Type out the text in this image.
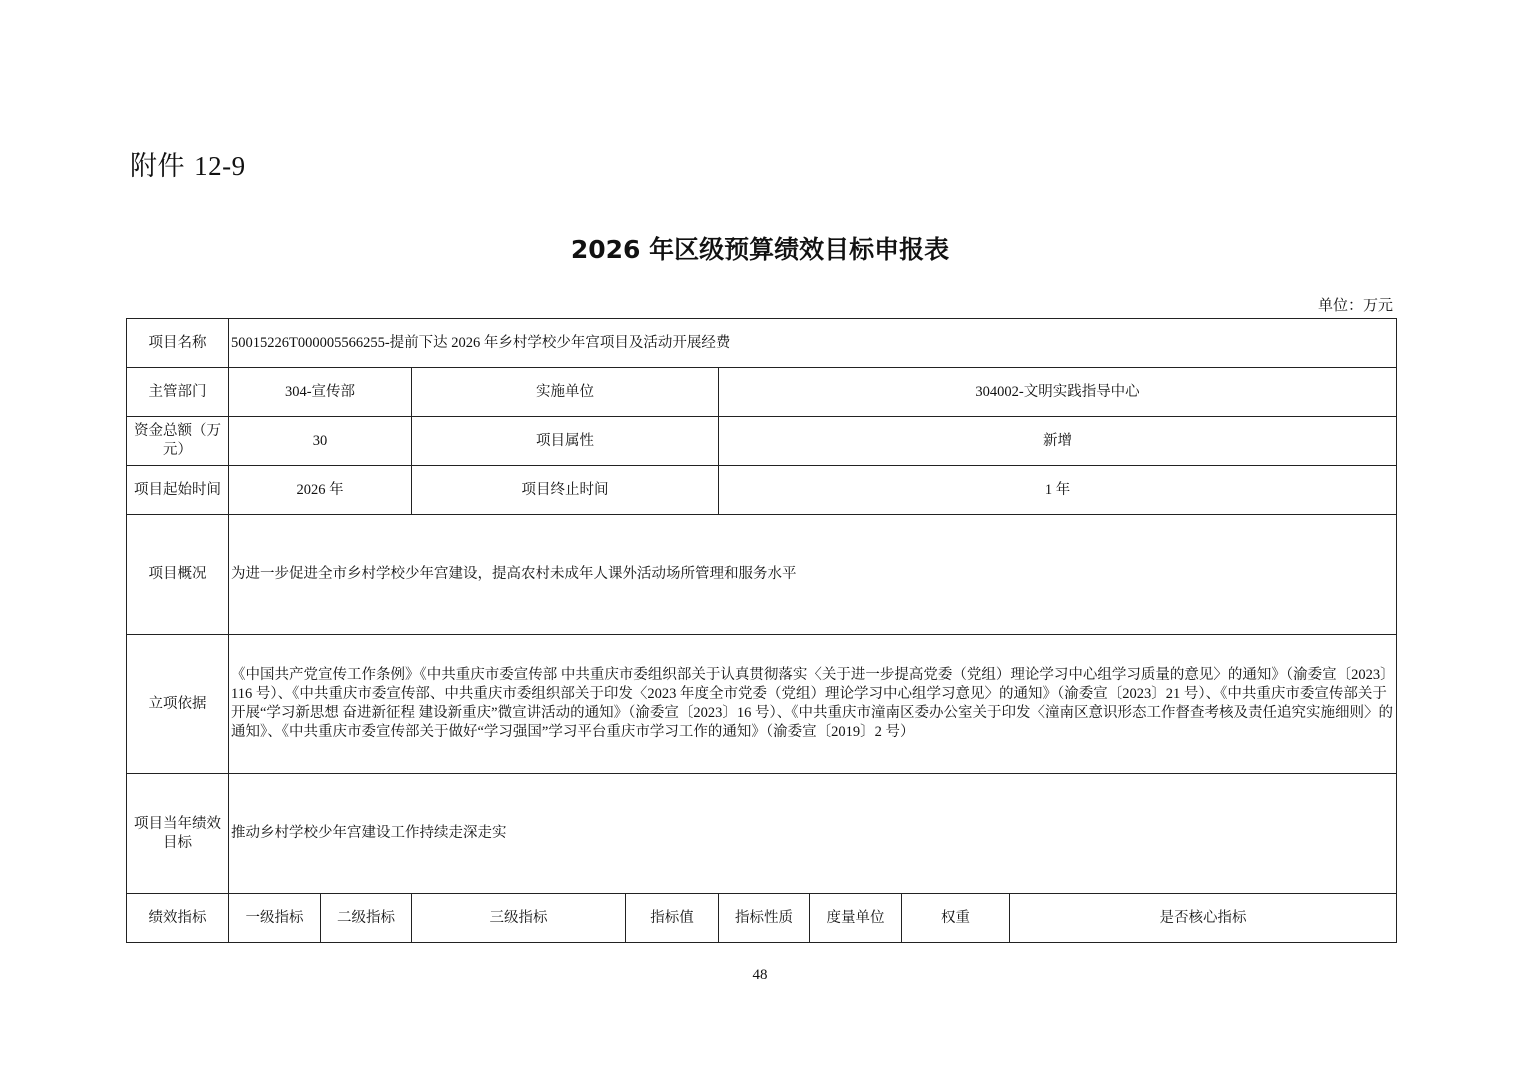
附件 12-9
2026 年区级预算绩效目标申报表
单位：万元
项目名称	50015226T000005566255-提前下达 2026 年乡村学校少年宫项目及活动开展经费							
主管部门	304-宣传部		实施单位		304002-文明实践指导中心			
资金总额（万元）	30		项目属性		新增			
项目起始时间	2026 年		项目终止时间		1 年			
项目概况	为进一步促进全市乡村学校少年宫建设，提高农村未成年人课外活动场所管理和服务水平							
立项依据	《中国共产党宣传工作条例》《中共重庆市委宣传部 中共重庆市委组织部关于认真贯彻落实〈关于进一步提高党委（党组）理论学习中心组学习质量的意见〉的通知》（渝委宣〔2023〕116 号）、《中共重庆市委宣传部、中共重庆市委组织部关于印发〈2023 年度全市党委（党组）理论学习中心组学习意见〉的通知》（渝委宣〔2023〕21 号）、《中共重庆市委宣传部关于开展“学习新思想 奋进新征程 建设新重庆”微宣讲活动的通知》（渝委宣〔2023〕16 号）、《中共重庆市潼南区委办公室关于印发〈潼南区意识形态工作督查考核及责任追究实施细则〉的通知》、《中共重庆市委宣传部关于做好“学习强国”学习平台重庆市学习工作的通知》（渝委宣〔2019〕2 号）							
项目当年绩效目标	推动乡村学校少年宫建设工作持续走深走实							
绩效指标	一级指标	二级指标	三级指标	指标值	指标性质	度量单位	权重	是否核心指标
48
